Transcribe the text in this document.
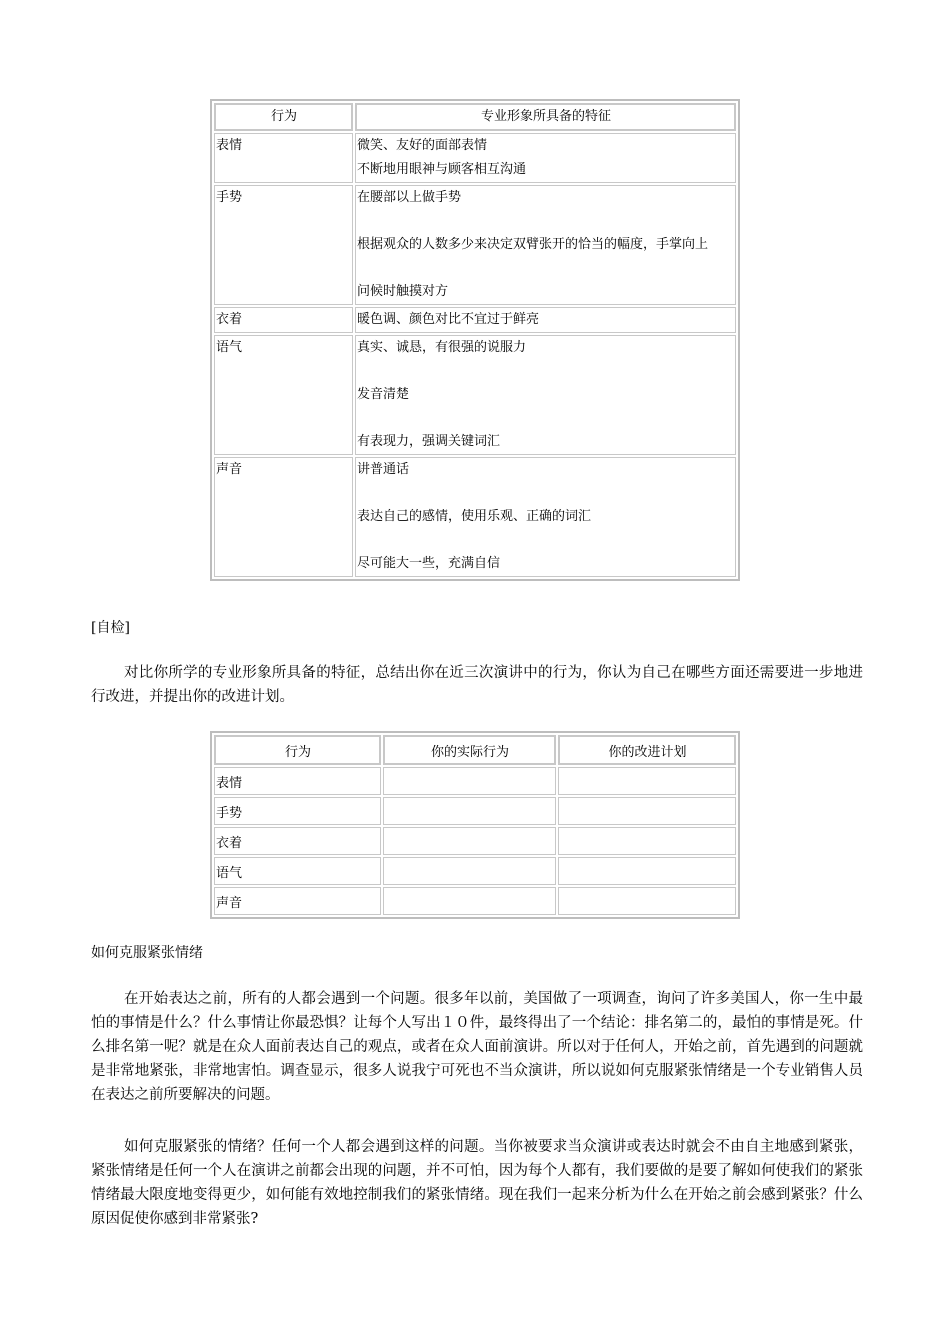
行为	专业形象所具备的特征
表情	微笑、友好的面部表情
不断地用眼神与顾客相互沟通

手势	在腰部以上做手势
根据观众的人数多少来决定双臂张开的恰当的幅度，手掌向上
问候时触摸对方

衣着	暖色调、颜色对比不宜过于鲜亮

语气	真实、诚恳，有很强的说服力
发音清楚
有表现力，强调关键词汇

声音	讲普通话
表达自己的感情，使用乐观、正确的词汇
尽可能大一些，充满自信
[自检]
对比你所学的专业形象所具备的特征，总结出你在近三次演讲中的行为，你认为自己在哪些方面还需要进一步地进行改进，并提出你的改进计划。
行为	你的实际行为	你的改进计划
表情		
手势		
衣着		
语气		
声音		
如何克服紧张情绪
在开始表达之前，所有的人都会遇到一个问题。很多年以前，美国做了一项调查，询问了许多美国人，你一生中最怕的事情是什么？什么事情让你最恐惧？让每个人写出１０件，最终得出了一个结论：排名第二的，最怕的事情是死。什么排名第一呢？就是在众人面前表达自己的观点，或者在众人面前演讲。所以对于任何人，开始之前，首先遇到的问题就是非常地紧张，非常地害怕。调查显示，很多人说我宁可死也不当众演讲，所以说如何克服紧张情绪是一个专业销售人员在表达之前所要解决的问题。
如何克服紧张的情绪？任何一个人都会遇到这样的问题。当你被要求当众演讲或表达时就会不由自主地感到紧张，紧张情绪是任何一个人在演讲之前都会出现的问题，并不可怕，因为每个人都有，我们要做的是要了解如何使我们的紧张情绪最大限度地变得更少，如何能有效地控制我们的紧张情绪。现在我们一起来分析为什么在开始之前会感到紧张？什么原因促使你感到非常紧张?
